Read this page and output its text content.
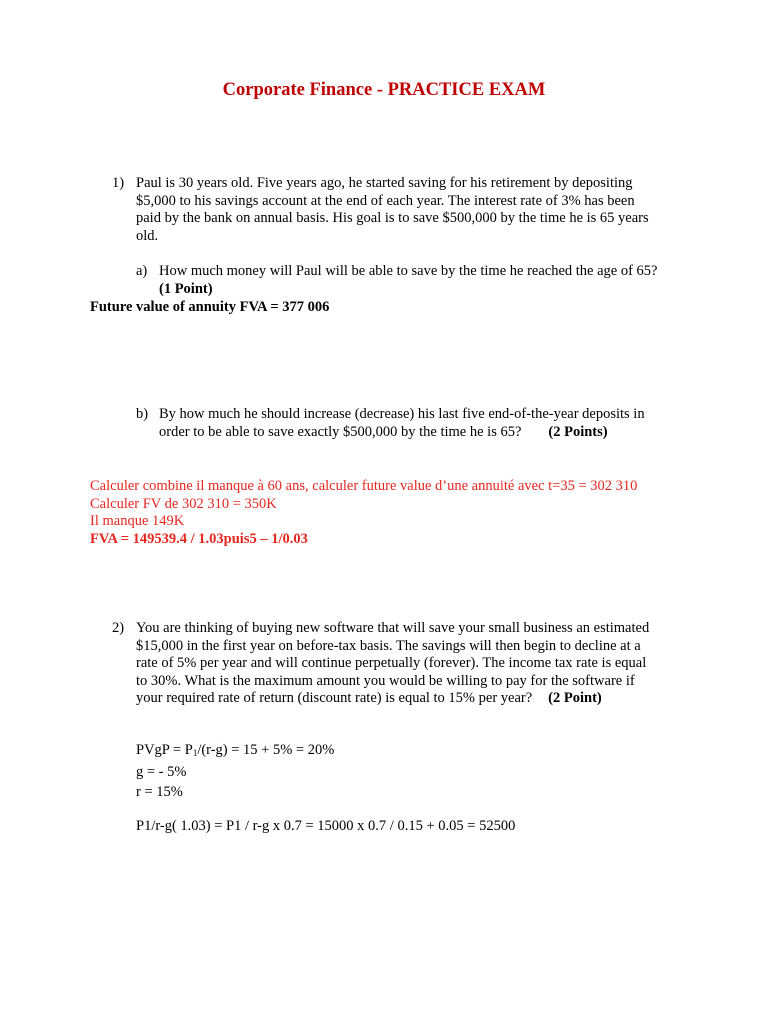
Corporate Finance - PRACTICE EXAM
1) Paul is 30 years old. Five years ago, he started saving for his retirement by depositing
$5,000 to his savings account at the end of each year. The interest rate of 3% has been
paid by the bank on annual basis. His goal is to save $500,000 by the time he is 65 years
old.
a) How much money will Paul will be able to save by the time he reached the age of 65?
(1 Point)
Future value of annuity FVA = 377 006
b) By how much he should increase (decrease) his last five end-of-the-year deposits in
order to be able to save exactly $500,000 by the time he is 65? (2 Points)
Calculer combine il manque à 60 ans, calculer future value d’une annuité avec t=35 = 302 310
Calculer FV de 302 310 = 350K
Il manque 149K
FVA = 149539.4 / 1.03puis5 – 1/0.03
2) You are thinking of buying new software that will save your small business an estimated
$15,000 in the first year on before-tax basis. The savings will then begin to decline at a
rate of 5% per year and will continue perpetually (forever). The income tax rate is equal
to 30%. What is the maximum amount you would be willing to pay for the software if
your required rate of return (discount rate) is equal to 15% per year? (2 Point)
PVgP = $P_1/(r-g) = 15 + 5\% = 20\%$
g = - 5%
r = 15%
P1/r-g( 1.03) = P1 / r-g x 0.7 = 15000 x 0.7 / 0.15 + 0.05 = 52500
